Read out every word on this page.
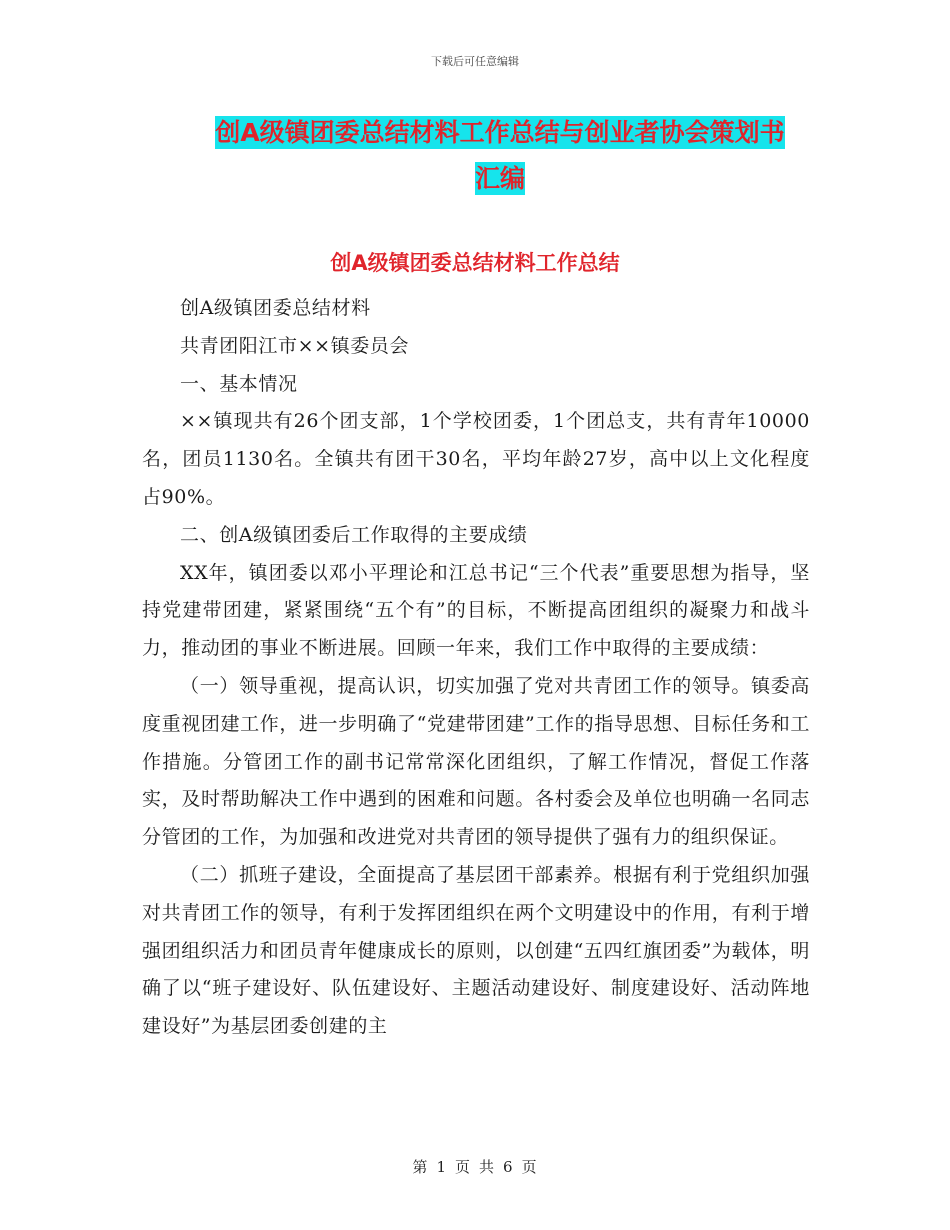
下载后可任意编辑
创A级镇团委总结材料工作总结与创业者协会策划书
汇编
创A级镇团委总结材料工作总结

创A级镇团委总结材料

共青团阳江市××镇委员会

一、基本情况

××镇现共有26个团支部，1个学校团委，1个团总支，共有青年10000名，团员1130名。全镇共有团干30名，平均年龄27岁，高中以上文化程度占90%。

二、创A级镇团委后工作取得的主要成绩

XX年，镇团委以邓小平理论和江总书记“三个代表”重要思想为指导，坚持党建带团建，紧紧围绕“五个有”的目标，不断提高团组织的凝聚力和战斗力，推动团的事业不断进展。回顾一年来，我们工作中取得的主要成绩：

（一）领导重视，提高认识，切实加强了党对共青团工作的领导。镇委高度重视团建工作，进一步明确了“党建带团建”工作的指导思想、目标任务和工作措施。分管团工作的副书记常常深化团组织，了解工作情况，督促工作落实，及时帮助解决工作中遇到的困难和问题。各村委会及单位也明确一名同志分管团的工作，为加强和改进党对共青团的领导提供了强有力的组织保证。

（二）抓班子建设，全面提高了基层团干部素养。根据有利于党组织加强对共青团工作的领导，有利于发挥团组织在两个文明建设中的作用，有利于增强团组织活力和团员青年健康成长的原则，以创建“五四红旗团委”为载体，明确了以“班子建设好、队伍建设好、主题活动建设好、制度建设好、活动阵地建设好”为基层团委创建的主

第 1 页 共 6 页
